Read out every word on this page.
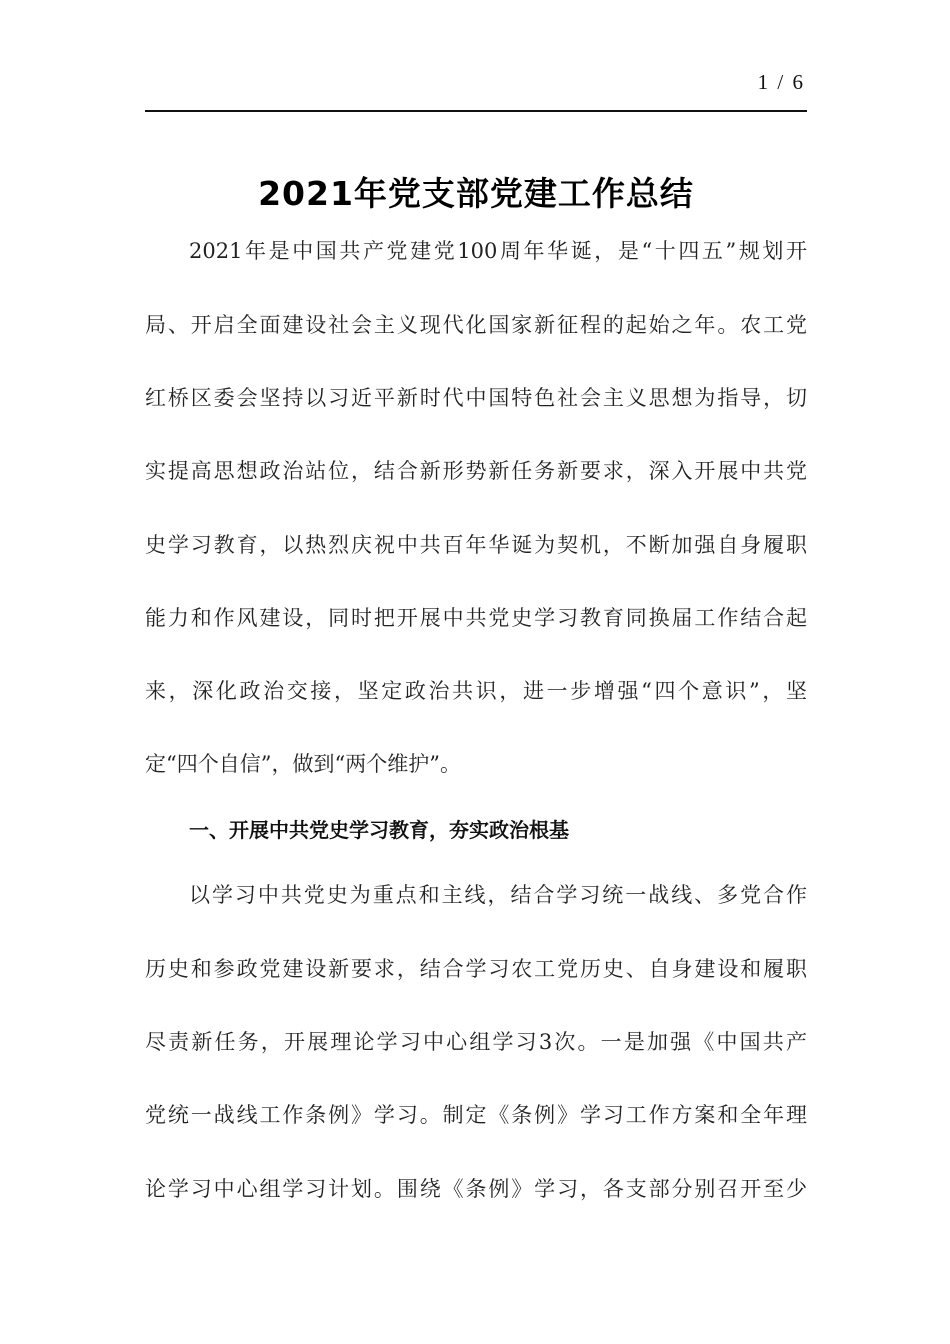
1 / 6
2021年党支部党建工作总结
2021年是中国共产党建党100周年华诞，是“十四五”规划开
局、开启全面建设社会主义现代化国家新征程的起始之年。农工党
红桥区委会坚持以习近平新时代中国特色社会主义思想为指导，切
实提高思想政治站位，结合新形势新任务新要求，深入开展中共党
史学习教育，以热烈庆祝中共百年华诞为契机，不断加强自身履职
能力和作风建设，同时把开展中共党史学习教育同换届工作结合起
来，深化政治交接，坚定政治共识，进一步增强“四个意识”，坚
定“四个自信”，做到“两个维护”。
一、开展中共党史学习教育，夯实政治根基
以学习中共党史为重点和主线，结合学习统一战线、多党合作
历史和参政党建设新要求，结合学习农工党历史、自身建设和履职
尽责新任务，开展理论学习中心组学习3次。一是加强《中国共产
党统一战线工作条例》学习。制定《条例》学习工作方案和全年理
论学习中心组学习计划。围绕《条例》学习，各支部分别召开至少
